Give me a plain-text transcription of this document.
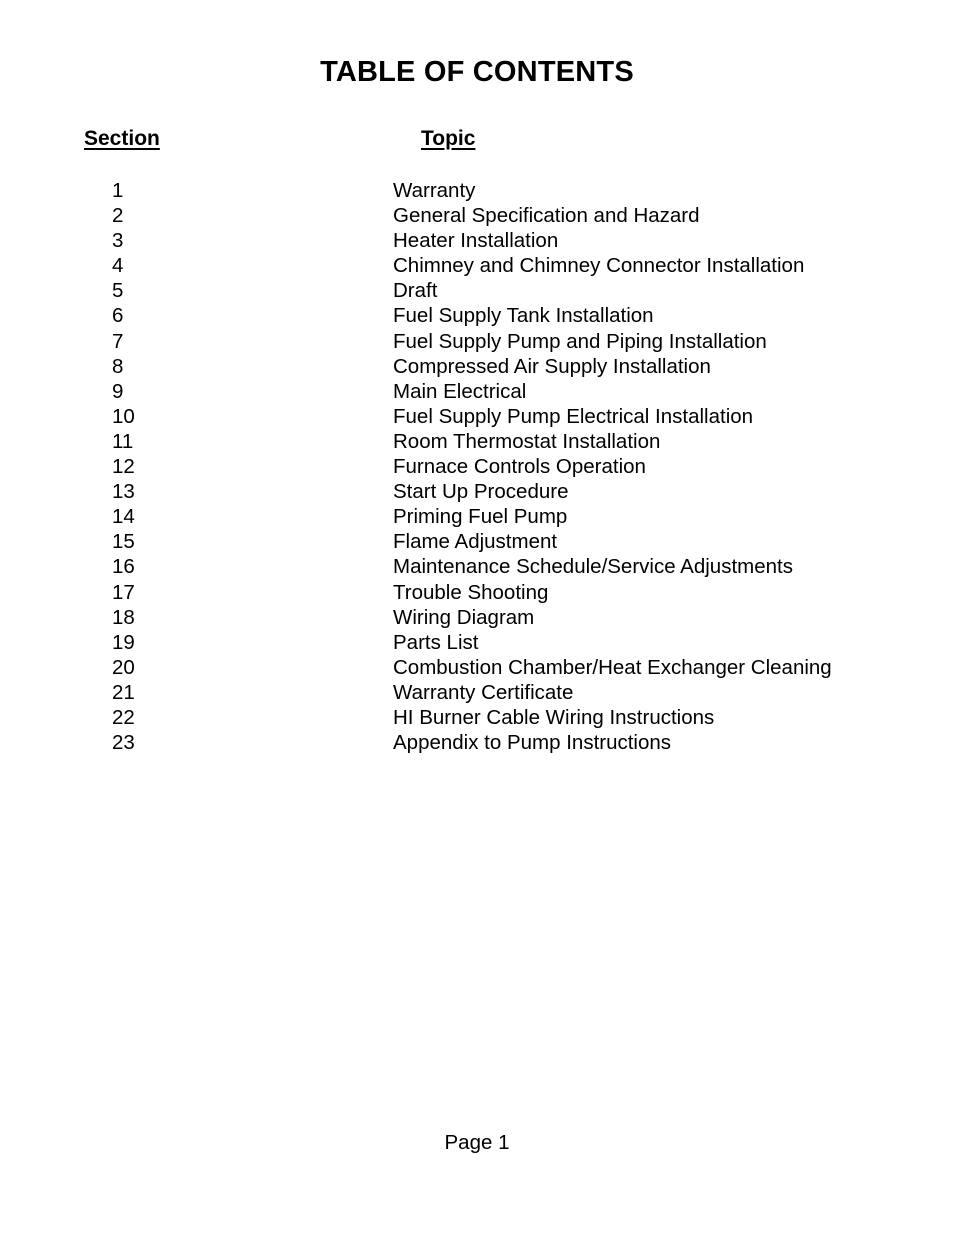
TABLE OF CONTENTS
Section	Topic
1	Warranty
2	General Specification and Hazard
3	Heater Installation
4	Chimney and Chimney Connector Installation
5	Draft
6	Fuel Supply Tank Installation
7	Fuel Supply Pump and Piping Installation
8	Compressed Air Supply Installation
9	Main Electrical
10	Fuel Supply Pump Electrical Installation
11	Room Thermostat Installation
12	Furnace Controls Operation
13	Start Up Procedure
14	Priming Fuel Pump
15	Flame Adjustment
16	Maintenance Schedule/Service Adjustments
17	Trouble Shooting
18	Wiring Diagram
19	Parts List
20	Combustion Chamber/Heat Exchanger Cleaning
21	Warranty Certificate
22	HI Burner Cable Wiring Instructions
23	Appendix to Pump Instructions
Page 1
